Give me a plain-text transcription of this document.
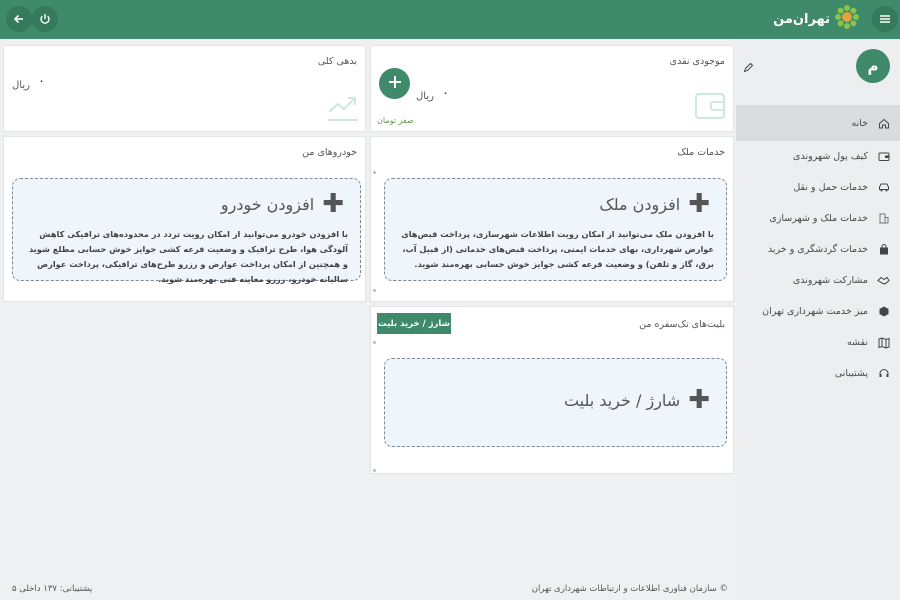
تهران‌من
م
خانه
کیف پول شهروندی
خدمات حمل و نقل
خدمات ملک و شهرسازی
خدمات گردشگری و خرید
مشارکت شهروندی
میز خدمت شهرداری تهران
نقشه
پشتیبانی
بدهی کلی
۰
ریال
موجودی نقدی
ریال ۰
صفر تومان
خودروهای من
✚
افزودن خودرو
با افزودن خودرو می‌توانید از امکان رویت تردد در محدوده‌های ترافیکی کاهش آلودگی هوا، طرح ترافیک و وضعیت قرعه کشی جوایز خوش حسابی مطلع شوید و همچنین از امکان پرداخت عوارض و رزرو طرح‌های ترافیکی، پرداخت عوارض سالیانه خودرو، رزرو معاینه فنی بهره‌مند شوید.
خدمات ملک
✚
افزودن ملک
با افزودن ملک می‌توانید از امکان رویت اطلاعات شهرسازی، پرداخت قبض‌های عوارض شهرداری، بهای خدمات ایمنی، پرداخت قبض‌های خدماتی (از قبیل آب، برق، گاز و تلفن) و وضعیت قرعه کشی جوایز خوش حسابی بهره‌مند شوید.
بلیت‌های تک‌سفره من
شارژ / خرید بلیت
✚
شارژ / خرید بلیت
پشتیبانی: ۱۳۷ داخلی ۵	© سازمان فناوری اطلاعات و ارتباطات شهرداری تهران
